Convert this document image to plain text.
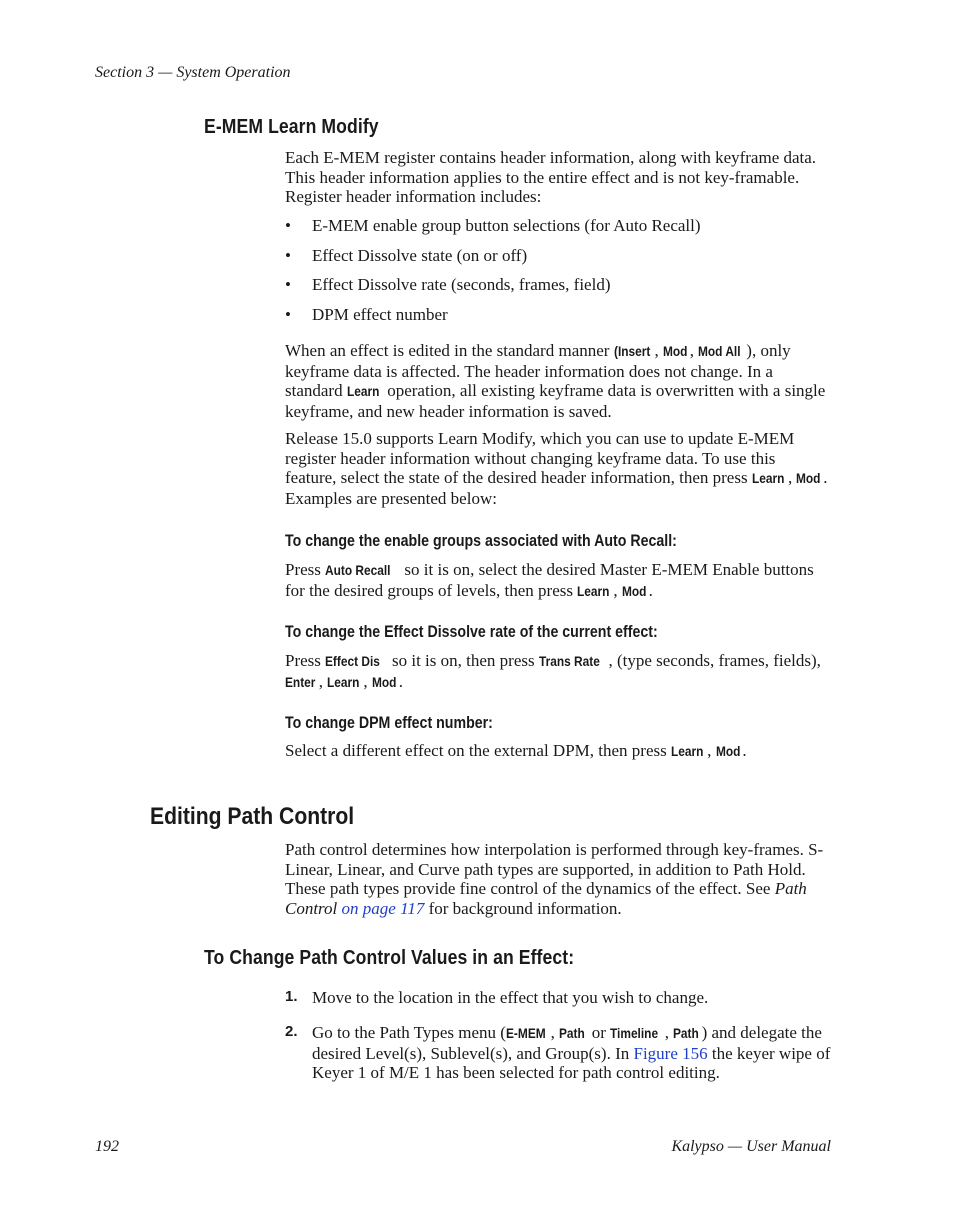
Section 3 — System Operation
E-MEM Learn Modify
Each E-MEM register contains header information, along with keyframe data. This header information applies to the entire effect and is not key-framable. Register header information includes:
• E-MEM enable group button selections (for Auto Recall)
• Effect Dissolve state (on or off)
• Effect Dissolve rate (seconds, frames, field)
• DPM effect number
When an effect is edited in the standard manner (Insert , Mod , Mod All ), only keyframe data is affected. The header information does not change. In a standard Learn operation, all existing keyframe data is overwritten with a single keyframe, and new header information is saved.
Release 15.0 supports Learn Modify, which you can use to update E-MEM register header information without changing keyframe data. To use this feature, select the state of the desired header information, then press Learn , Mod . Examples are presented below:
To change the enable groups associated with Auto Recall:
Press Auto Recall so it is on, select the desired Master E-MEM Enable buttons for the desired groups of levels, then press Learn , Mod .
To change the Effect Dissolve rate of the current effect:
Press Effect Dis so it is on, then press Trans Rate , (type seconds, frames, fields), Enter , Learn , Mod .
To change DPM effect number:
Select a different effect on the external DPM, then press Learn , Mod .
Editing Path Control
Path control determines how interpolation is performed through key-frames. S-Linear, Linear, and Curve path types are supported, in addition to Path Hold. These path types provide fine control of the dynamics of the effect. See Path Control on page 117 for background information.
To Change Path Control Values in an Effect:
1. Move to the location in the effect that you wish to change.
2. Go to the Path Types menu (E-MEM , Path or Timeline , Path ) and delegate the desired Level(s), Sublevel(s), and Group(s). In Figure 156 the keyer wipe of Keyer 1 of M/E 1 has been selected for path control editing.
192	Kalypso — User Manual
